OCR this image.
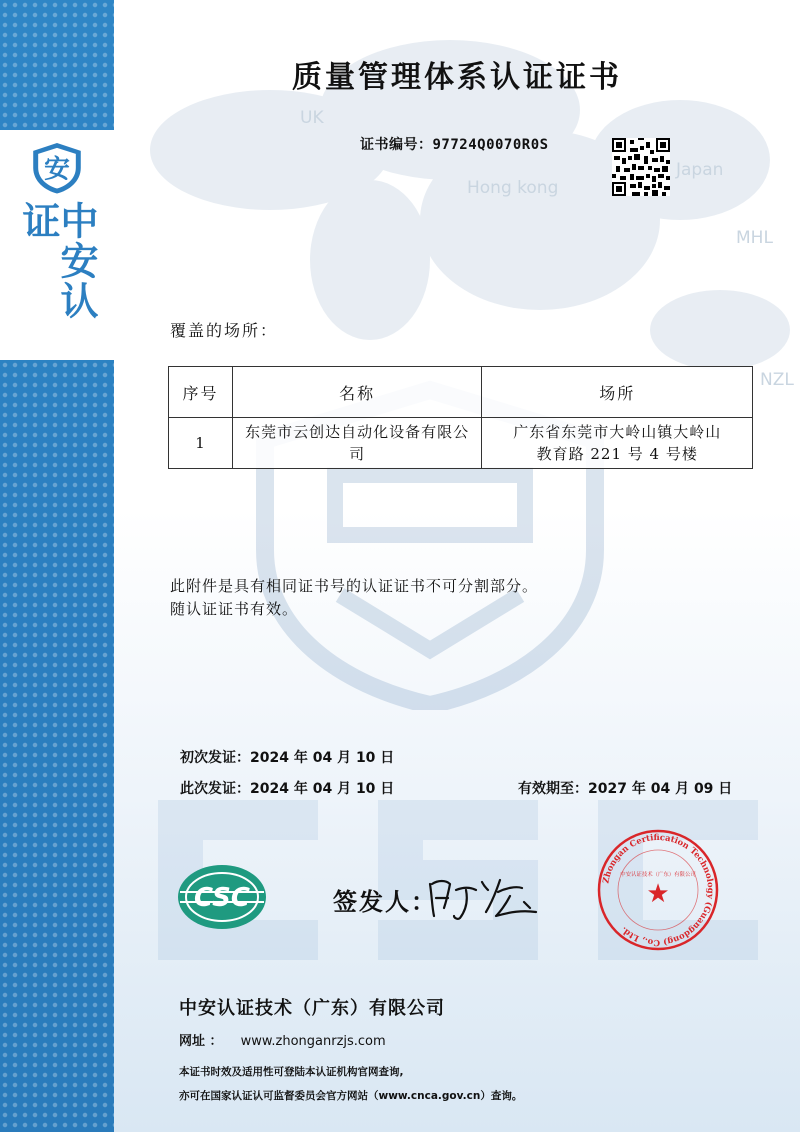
安
中安认证
UK
Hong kong
Japan
MHL
NZL
质量管理体系认证证书
证书编号：97724Q0070R0S
覆盖的场所：
序号	名称	场所
1	东莞市云创达自动化设备有限公司	广东省东莞市大岭山镇大岭山
教育路 221 号 4 号楼
此附件是具有相同证书号的认证证书不可分割部分。
随认证证书有效。
初次发证：2024 年 04 月 10 日
此次发证：2024 年 04 月 10 日	有效期至：2027 年 04 月 09 日
CSC	签发人：
Zhongan Certification Technology (Guangdong) Co., Ltd.
中安认证技术（广东）有限公司
★
中安认证技术（广东）有限公司
网址 ： www.zhonganrzjs.com
本证书时效及适用性可登陆本认证机构官网查询,
亦可在国家认证认可监督委员会官方网站（www.cnca.gov.cn）查询。
